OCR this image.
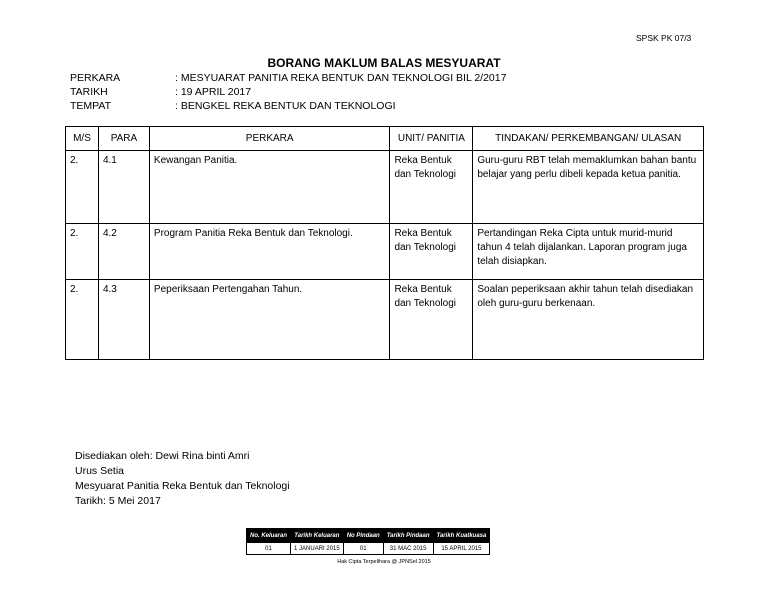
SPSK PK 07/3
BORANG MAKLUM BALAS MESYUARAT
PERKARA	: MESYUARAT PANITIA REKA BENTUK DAN TEKNOLOGI BIL 2/2017
TARIKH	: 19 APRIL 2017
TEMPAT	: BENGKEL REKA BENTUK DAN TEKNOLOGI
M/S	PARA	PERKARA	UNIT/ PANITIA	TINDAKAN/ PERKEMBANGAN/ ULASAN
2.	4.1	Kewangan Panitia.	Reka Bentuk dan Teknologi	Guru-guru RBT telah memaklumkan bahan bantu belajar yang perlu dibeli kepada ketua panitia.
2.	4.2	Program Panitia Reka Bentuk dan Teknologi.	Reka Bentuk dan Teknologi	Pertandingan Reka Cipta untuk murid-murid tahun 4 telah dijalankan. Laporan program juga telah disiapkan.
2.	4.3	Peperiksaan Pertengahan Tahun.	Reka Bentuk dan Teknologi	Soalan peperiksaan akhir tahun telah disediakan oleh guru-guru berkenaan.
Disediakan oleh: Dewi Rina binti Amri
Urus Setia
Mesyuarat Panitia Reka Bentuk dan Teknologi
Tarikh: 5 Mei 2017
No. Keluaran	Tarikh Keluaran	No Pindaan	Tarikh Pindaan	Tarikh Kuatkuasa
01	1 JANUARI 2015	01	31 MAC 2015	15 APRIL 2015
Hak Cipta Terpelihara @ JPNSel 2015
